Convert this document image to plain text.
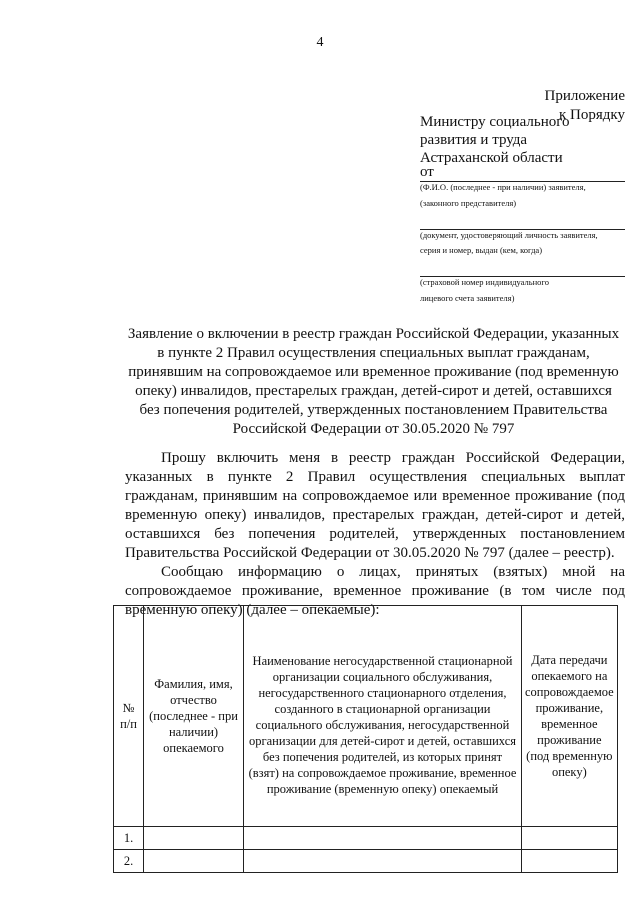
4
Приложение
к Порядку
Министру социального
развития и труда
Астраханской области
от
(Ф.И.О. (последнее - при наличии) заявителя,
(законного представителя)
(документ, удостоверяющий личность заявителя,
серия и номер, выдан (кем, когда)
(страховой номер индивидуального
лицевого счета заявителя)
Заявление о включении в реестр граждан Российской Федерации, указанных в пункте 2 Правил осуществления специальных выплат гражданам, принявшим на сопровождаемое или временное проживание (под временную опеку) инвалидов, престарелых граждан, детей-сирот и детей, оставшихся без попечения родителей, утвержденных постановлением Правительства Российской Федерации от 30.05.2020 № 797

Прошу включить меня в реестр граждан Российской Федерации, указанных в пункте 2 Правил осуществления специальных выплат гражданам, принявшим на сопровождаемое или временное проживание (под временную опеку) инвалидов, престарелых граждан, детей-сирот и детей, оставшихся без попечения родителей, утвержденных постановлением Правительства Российской Федерации от 30.05.2020 № 797 (далее – реестр).

Сообщаю информацию о лицах, принятых (взятых) мной на сопровождаемое проживание, временное проживание (в том числе под временную опеку) (далее – опекаемые):

№ п/п	Фамилия, имя, отчество (последнее - при наличии) опекаемого	Наименование негосударственной стационарной организации социального обслуживания, негосударственного стационарного отделения, созданного в стационарной организации социального обслуживания, негосударственной организации для детей-сирот и детей, оставшихся без попечения родителей, из которых принят (взят) на сопровождаемое проживание, временное проживание (временную опеку) опекаемый	Дата передачи опекаемого на сопровождаемое проживание, временное проживание (под временную опеку)
1.			
2.			
